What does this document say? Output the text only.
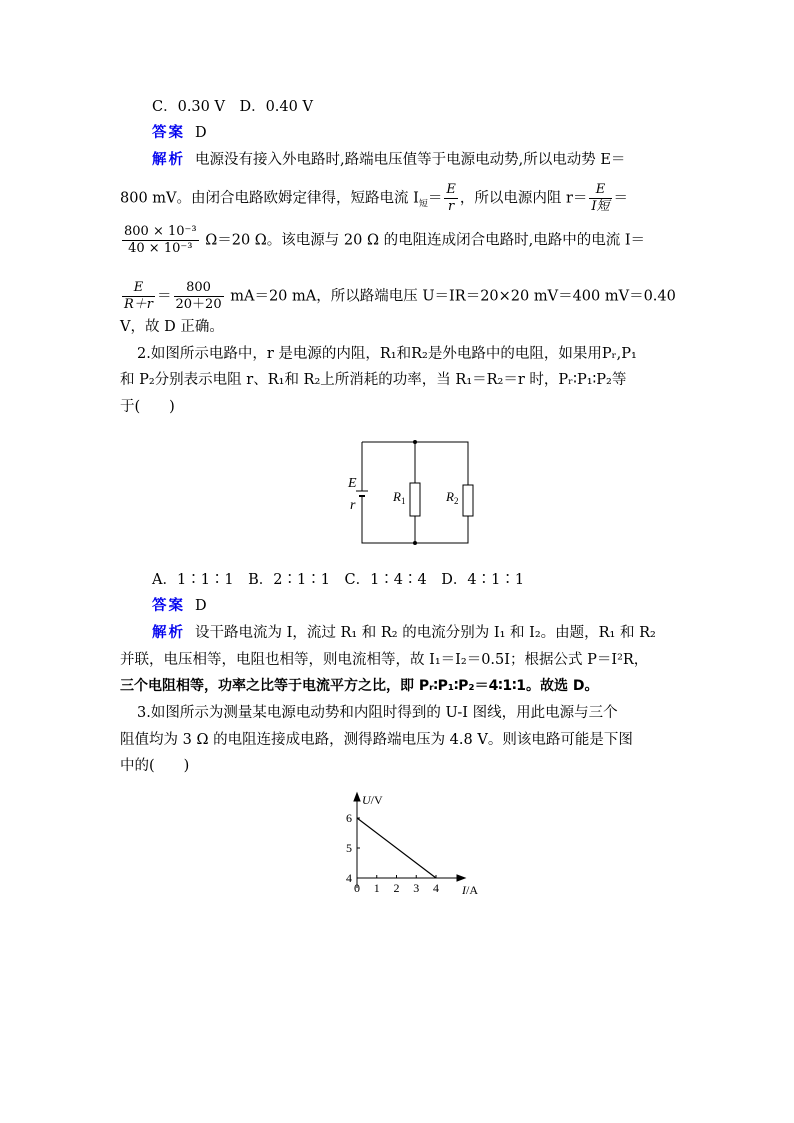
C．0.30 V　D．0.40 V
答案 D
解析 电源没有接入外电路时,路端电压值等于电源电动势,所以电动势 E＝
800 mV。由闭合电路欧姆定律得，短路电流 $I_短= \frac{E}{r}$ ，所以电源内阻 $r= \frac{E}{\text{I短}}$ ＝
$\frac{\text{800 × 10⁻³}}{\text{40 × 10⁻³}} \Omega=20$ Ω。该电源与 20 Ω 的电阻连成闭合电路时,电路中的电流 I＝
$\frac{E}{R+r} = \frac{800}{20+20} mA=20$ mA，所以路端电压 U＝IR＝20×20 mV＝400 mV＝0.40
V，故 D 正确。
2.如图所示电路中，r 是电源的内阻，R₁和R₂是外电路中的电阻，如果用Pᵣ,P₁
和 P₂分别表示电阻 r、R₁和 R₂上所消耗的功率，当 R₁＝R₂＝r 时，Pᵣ∶P₁∶P₂等
于(　　)
E
r
$R_1$	$R_2$
A．1∶1∶1　B．2∶1∶1　C．1∶4∶4　D．4∶1∶1
答案 D
解析 设干路电流为 I，流过 R₁ 和 R₂ 的电流分别为 I₁ 和 I₂。由题，R₁ 和 R₂
并联，电压相等，电阻也相等，则电流相等，故 I₁＝I₂＝0.5I；根据公式 P＝I²R，
三个电阻相等，功率之比等于电流平方之比，即 Pᵣ∶P₁∶P₂＝4∶1∶1。故选 D。
3.如图所示为测量某电源电动势和内阻时得到的 U-I 图线，用此电源与三个
阻值均为 3 Ω 的电阻连接成电路，测得路端电压为 4.8 V。则该电路可能是下图
中的(　　)
0 1 2 3 4
4
5
6
U/V
I/A
